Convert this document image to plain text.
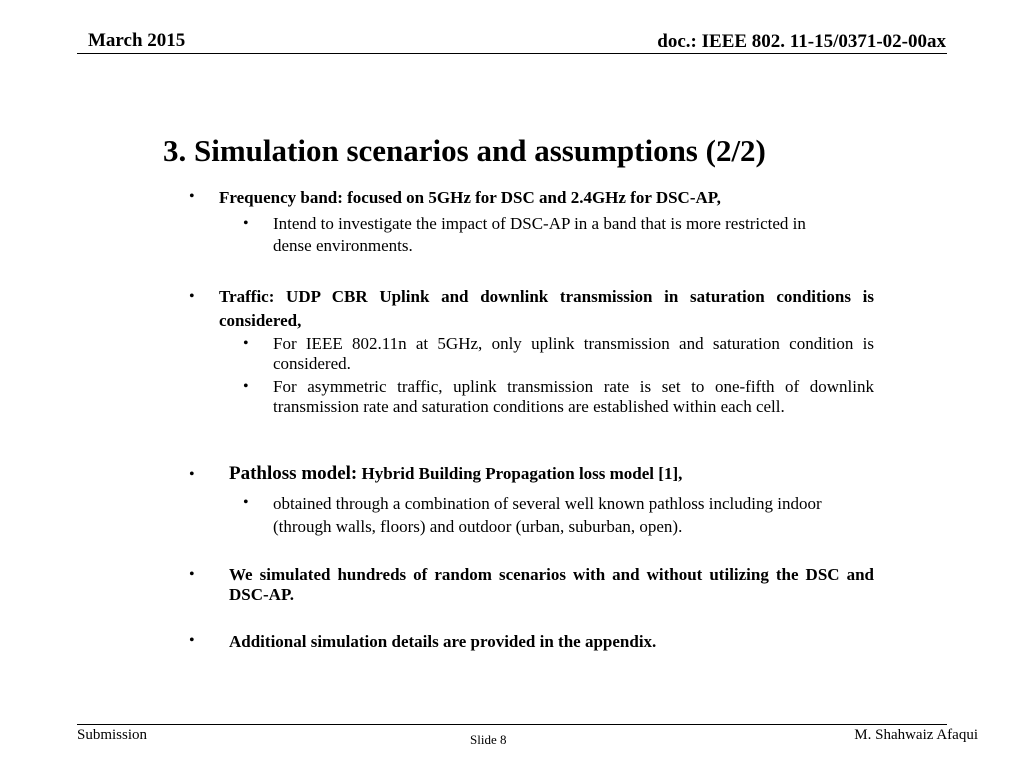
March 2015	doc.: IEEE 802. 11-15/0371-02-00ax
3. Simulation scenarios and assumptions (2/2)
• Frequency band: focused on 5GHz for DSC and 2.4GHz for DSC-AP,
• Intend to investigate the impact of DSC-AP in a band that is more restricted in dense environments.
• Traffic: UDP CBR Uplink and downlink transmission in saturation conditions is considered,
• For IEEE 802.11n at 5GHz, only uplink transmission and saturation condition is considered.
• For asymmetric traffic, uplink transmission rate is set to one-fifth of downlink transmission rate and saturation conditions are established within each cell.
• Pathloss model: Hybrid Building Propagation loss model [1],
• obtained through a combination of several well known pathloss including indoor (through walls, floors) and outdoor (urban, suburban, open).
• We simulated hundreds of random scenarios with and without utilizing the DSC and DSC-AP.
• Additional simulation details are provided in the appendix.
Submission	Slide 8	M. Shahwaiz Afaqui
